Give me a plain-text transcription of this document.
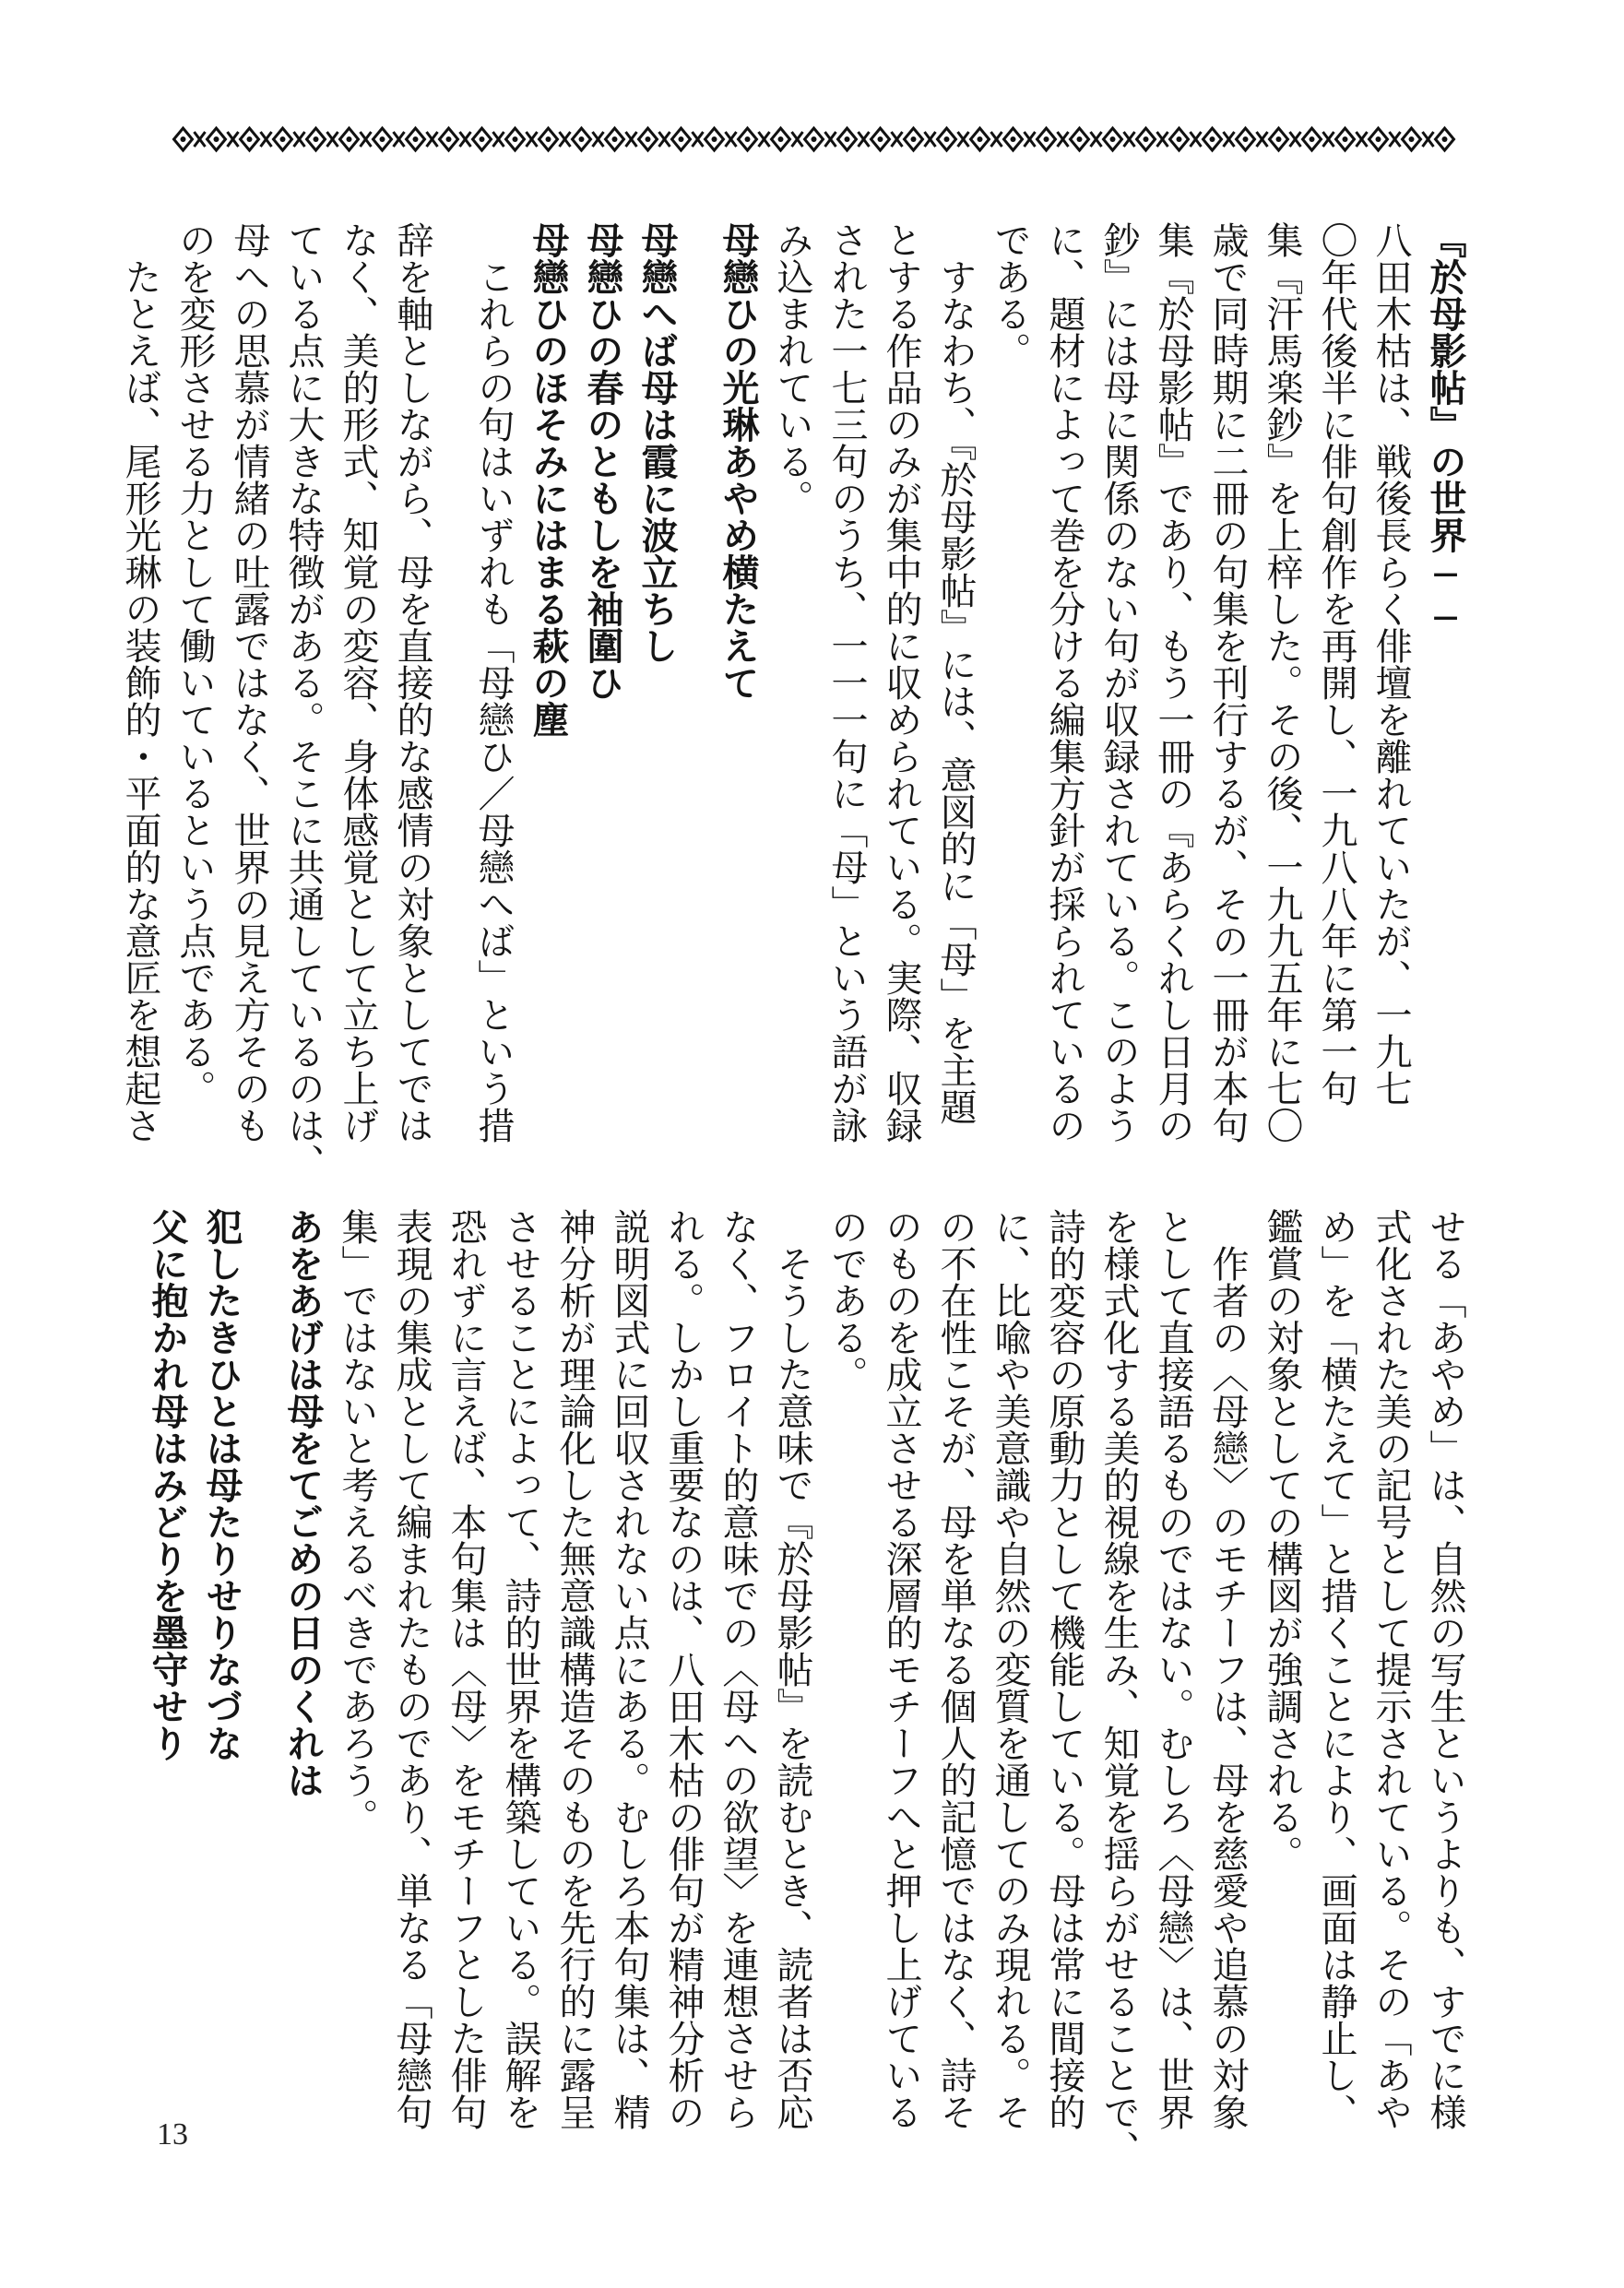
『於母影帖』の世界──
八田木枯は、戦後長らく俳壇を離れていたが、一九七
〇年代後半に俳句創作を再開し、一九八八年に第一句
集『汗馬楽鈔』を上梓した。その後、一九九五年に七〇
歳で同時期に二冊の句集を刊行するが、その一冊が本句
集『於母影帖』であり、もう一冊の『あらくれし日月の
鈔』には母に関係のない句が収録されている。このよう
に、題材によって巻を分ける編集方針が採られているの
である。
　すなわち、『於母影帖』には、意図的に「母」を主題
とする作品のみが集中的に収められている。実際、収録
された一七三句のうち、一一一句に「母」という語が詠
み込まれている。
母戀ひの光琳あやめ横たえて
母戀へば母は霞に波立ちし
母戀ひの春のともしを袖圍ひ
母戀ひのほそみにはまる萩の塵
　これらの句はいずれも「母戀ひ／母戀へば」という措
辞を軸としながら、母を直接的な感情の対象としてでは
なく、美的形式、知覚の変容、身体感覚として立ち上げ
ている点に大きな特徴がある。そこに共通しているのは、
母への思慕が情緒の吐露ではなく、世界の見え方そのも
のを変形させる力として働いているという点である。
　たとえば、尾形光琳の装飾的・平面的な意匠を想起さ
せる「あやめ」は、自然の写生というよりも、すでに様
式化された美の記号として提示されている。その「あや
め」を「横たえて」と措くことにより、画面は静止し、
鑑賞の対象としての構図が強調される。
　作者の〈母戀〉のモチーフは、母を慈愛や追慕の対象
として直接語るものではない。むしろ〈母戀〉は、世界
を様式化する美的視線を生み、知覚を揺らがせることで、
詩的変容の原動力として機能している。母は常に間接的
に、比喩や美意識や自然の変質を通してのみ現れる。そ
の不在性こそが、母を単なる個人的記憶ではなく、詩そ
のものを成立させる深層的モチーフへと押し上げている
のである。
　そうした意味で『於母影帖』を読むとき、読者は否応
なく、フロイト的意味での〈母への欲望〉を連想させら
れる。しかし重要なのは、八田木枯の俳句が精神分析の
説明図式に回収されない点にある。むしろ本句集は、精
神分析が理論化した無意識構造そのものを先行的に露呈
させることによって、詩的世界を構築している。誤解を
恐れずに言えば、本句集は〈母〉をモチーフとした俳句
表現の集成として編まれたものであり、単なる「母戀句
集」ではないと考えるべきであろう。
あをあげは母をてごめの日のくれは
犯したきひとは母たりせりなづな
父に抱かれ母はみどりを墨守せり
13
